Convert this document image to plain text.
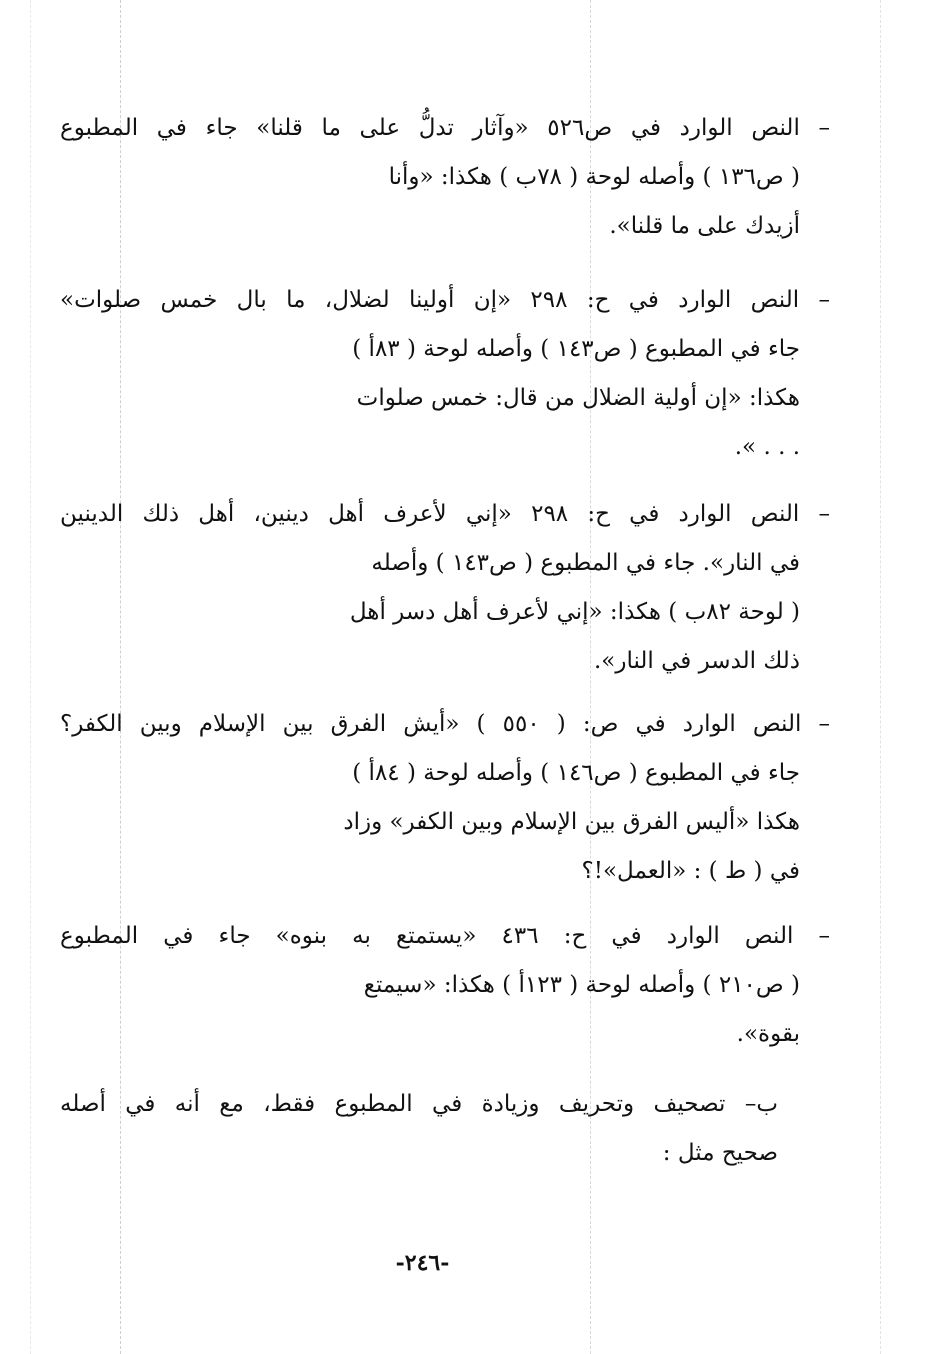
– النص الوارد في ص٥٢٦ «وآثار تدلُّ على ما قلنا» جاء في المطبوع
( ص١٣٦ ) وأصله لوحة ( ٧٨ب ) هكذا: «وأنا
أزيدك على ما قلنا».
– النص الوارد في ح: ٢٩٨ «إن أولينا لضلال، ما بال خمس صلوات»
جاء في المطبوع ( ص١٤٣ ) وأصله لوحة ( ٨٣أ )
هكذا: «إن أولية الضلال من قال: خمس صلوات
. . . ».
– النص الوارد في ح: ٢٩٨ «إني لأعرف أهل دينين، أهل ذلك الدينين
في النار». جاء في المطبوع ( ص١٤٣ ) وأصله
( لوحة ٨٢ب ) هكذا: «إني لأعرف أهل دسر أهل
ذلك الدسر في النار».
– النص الوارد في ص: ( ٥٥٠ ) «أيش الفرق بين الإسلام وبين الكفر؟
جاء في المطبوع ( ص١٤٦ ) وأصله لوحة ( ٨٤أ )
هكذا «أليس الفرق بين الإسلام وبين الكفر» وزاد
في ( ط ) : «العمل»!؟
– النص الوارد في ح: ٤٣٦ «يستمتع به بنوه» جاء في المطبوع
( ص٢١٠ ) وأصله لوحة ( ١٢٣أ ) هكذا: «سيمتع
بقوة».
ب– تصحيف وتحريف وزيادة في المطبوع فقط، مع أنه في أصله
صحيح مثل :
-٢٤٦-
